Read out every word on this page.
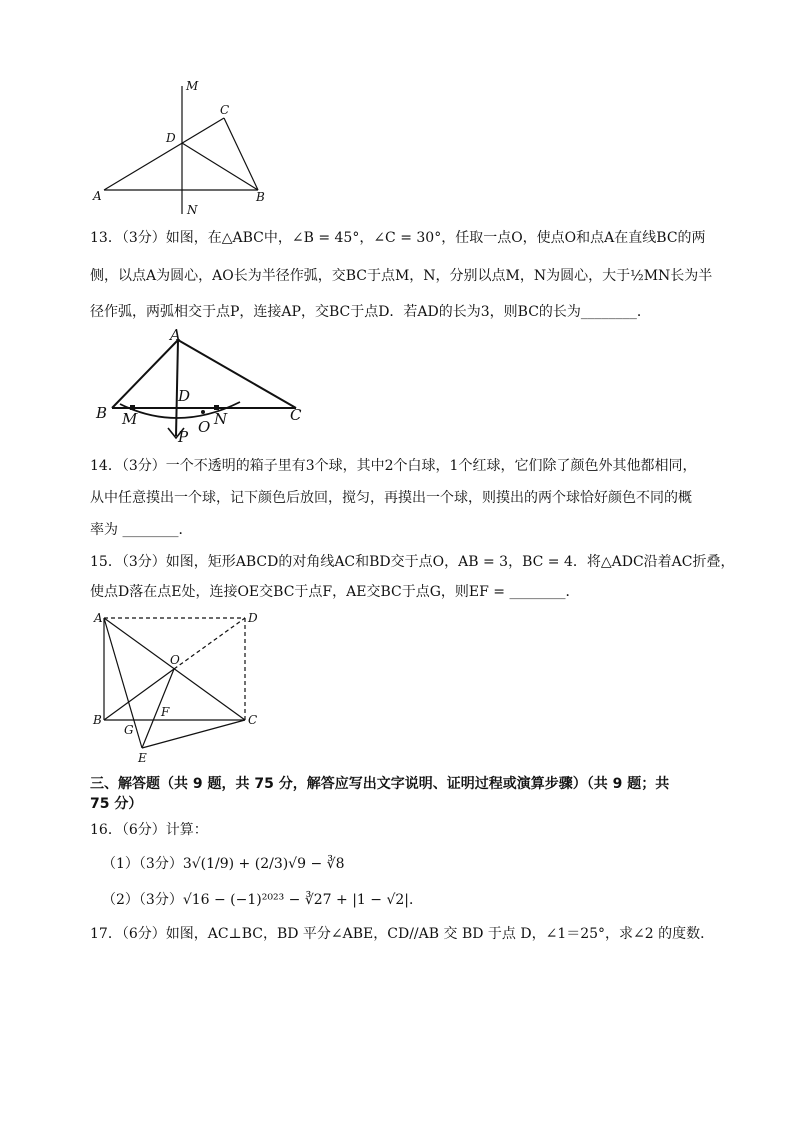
M
C
D
A
N
B
13．（3分）如图，在△ABC中，∠B = 45°，∠C = 30°，任取一点O，使点O和点A在直线BC的两
侧，以点A为圆心，AO长为半径作弧，交BC于点M，N，分别以点M，N为圆心，大于½MN长为半
径作弧，两弧相交于点P，连接AP，交BC于点D．若AD的长为3，则BC的长为________．
A
B	C
D
M	N
O
P
14．（3分）一个不透明的箱子里有3个球，其中2个白球，1个红球，它们除了颜色外其他都相同，
从中任意摸出一个球，记下颜色后放回，搅匀，再摸出一个球，则摸出的两个球恰好颜色不同的概
率为 ________．
15．（3分）如图，矩形ABCD的对角线AC和BD交于点O，AB = 3，BC = 4．将△ADC沿着AC折叠，
使点D落在点E处，连接OE交BC于点F，AE交BC于点G，则EF = ________．
A	D
O
B	C
F
G
E
三、解答题（共 9 题，共 75 分，解答应写出文字说明、证明过程或演算步骤）（共 9 题；共
75 分）
16．（6分）计算：
（1）（3分）3√(1/9) + (2/3)√9 − ∛8
（2）（3分）√16 − (−1)²⁰²³ − ∛27 + |1 − √2|．
17．（6分）如图，AC⊥BC，BD 平分∠ABE，CD//AB 交 BD 于点 D，∠1＝25°，求∠2 的度数．
